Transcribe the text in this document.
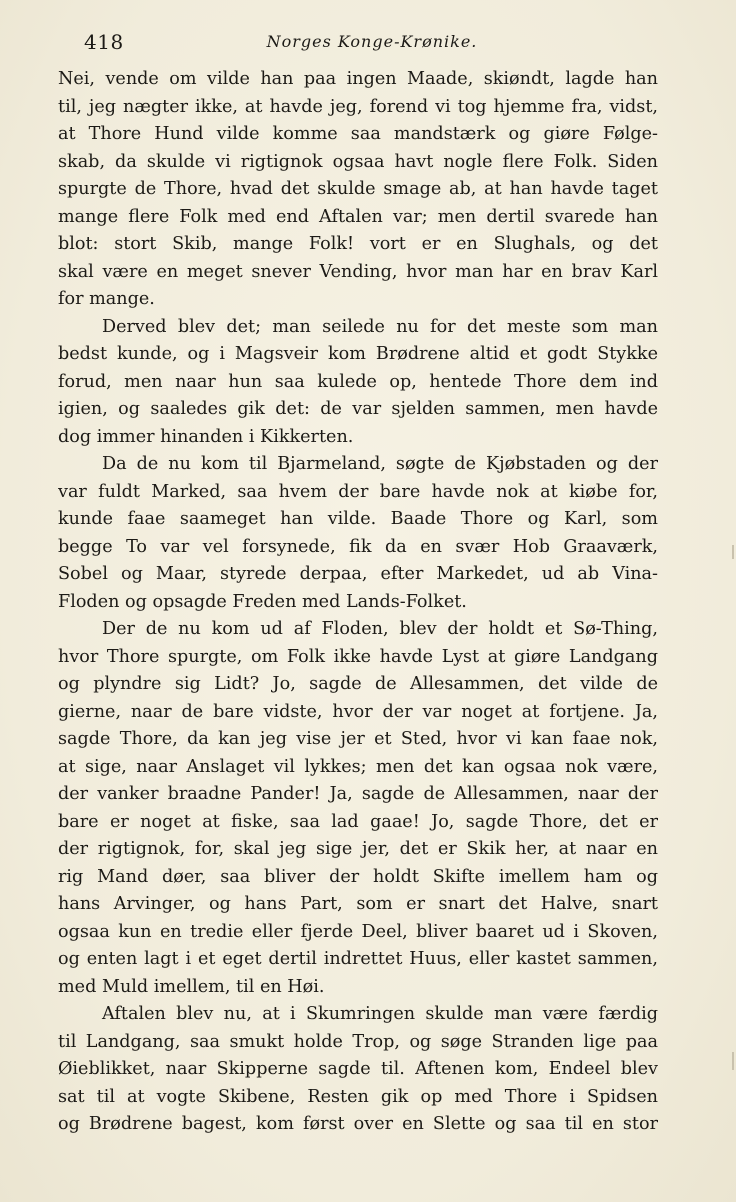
418	Norges Konge-Krønike.
Nei, vende om vilde han paa ingen Maade, skiøndt, lagde han
til, jeg nægter ikke, at havde jeg, forend vi tog hjemme fra, vidst,
at Thore Hund vilde komme saa mandstærk og giøre Følge-
skab, da skulde vi rigtignok ogsaa havt nogle flere Folk. Siden
spurgte de Thore, hvad det skulde smage ab, at han havde taget
mange flere Folk med end Aftalen var; men dertil svarede han
blot: stort Skib, mange Folk! vort er en Slughals, og det
skal være en meget snever Vending, hvor man har en brav Karl
for mange.
Derved blev det; man seilede nu for det meste som man
bedst kunde, og i Magsveir kom Brødrene altid et godt Stykke
forud, men naar hun saa kulede op, hentede Thore dem ind
igien, og saaledes gik det: de var sjelden sammen, men havde
dog immer hinanden i Kikkerten.
Da de nu kom til Bjarmeland, søgte de Kjøbstaden og der
var fuldt Marked, saa hvem der bare havde nok at kiøbe for,
kunde faae saameget han vilde. Baade Thore og Karl, som
begge To var vel forsynede, fik da en svær Hob Graaværk,
Sobel og Maar, styrede derpaa, efter Markedet, ud ab Vina-
Floden og opsagde Freden med Lands-Folket.
Der de nu kom ud af Floden, blev der holdt et Sø-Thing,
hvor Thore spurgte, om Folk ikke havde Lyst at giøre Landgang
og plyndre sig Lidt? Jo, sagde de Allesammen, det vilde de
gierne, naar de bare vidste, hvor der var noget at fortjene. Ja,
sagde Thore, da kan jeg vise jer et Sted, hvor vi kan faae nok,
at sige, naar Anslaget vil lykkes; men det kan ogsaa nok være,
der vanker braadne Pander! Ja, sagde de Allesammen, naar der
bare er noget at fiske, saa lad gaae! Jo, sagde Thore, det er
der rigtignok, for, skal jeg sige jer, det er Skik her, at naar en
rig Mand døer, saa bliver der holdt Skifte imellem ham og
hans Arvinger, og hans Part, som er snart det Halve, snart
ogsaa kun en tredie eller fjerde Deel, bliver baaret ud i Skoven,
og enten lagt i et eget dertil indrettet Huus, eller kastet sammen,
med Muld imellem, til en Høi.
Aftalen blev nu, at i Skumringen skulde man være færdig
til Landgang, saa smukt holde Trop, og søge Stranden lige paa
Øieblikket, naar Skipperne sagde til. Aftenen kom, Endeel blev
sat til at vogte Skibene, Resten gik op med Thore i Spidsen
og Brødrene bagest, kom først over en Slette og saa til en stor
